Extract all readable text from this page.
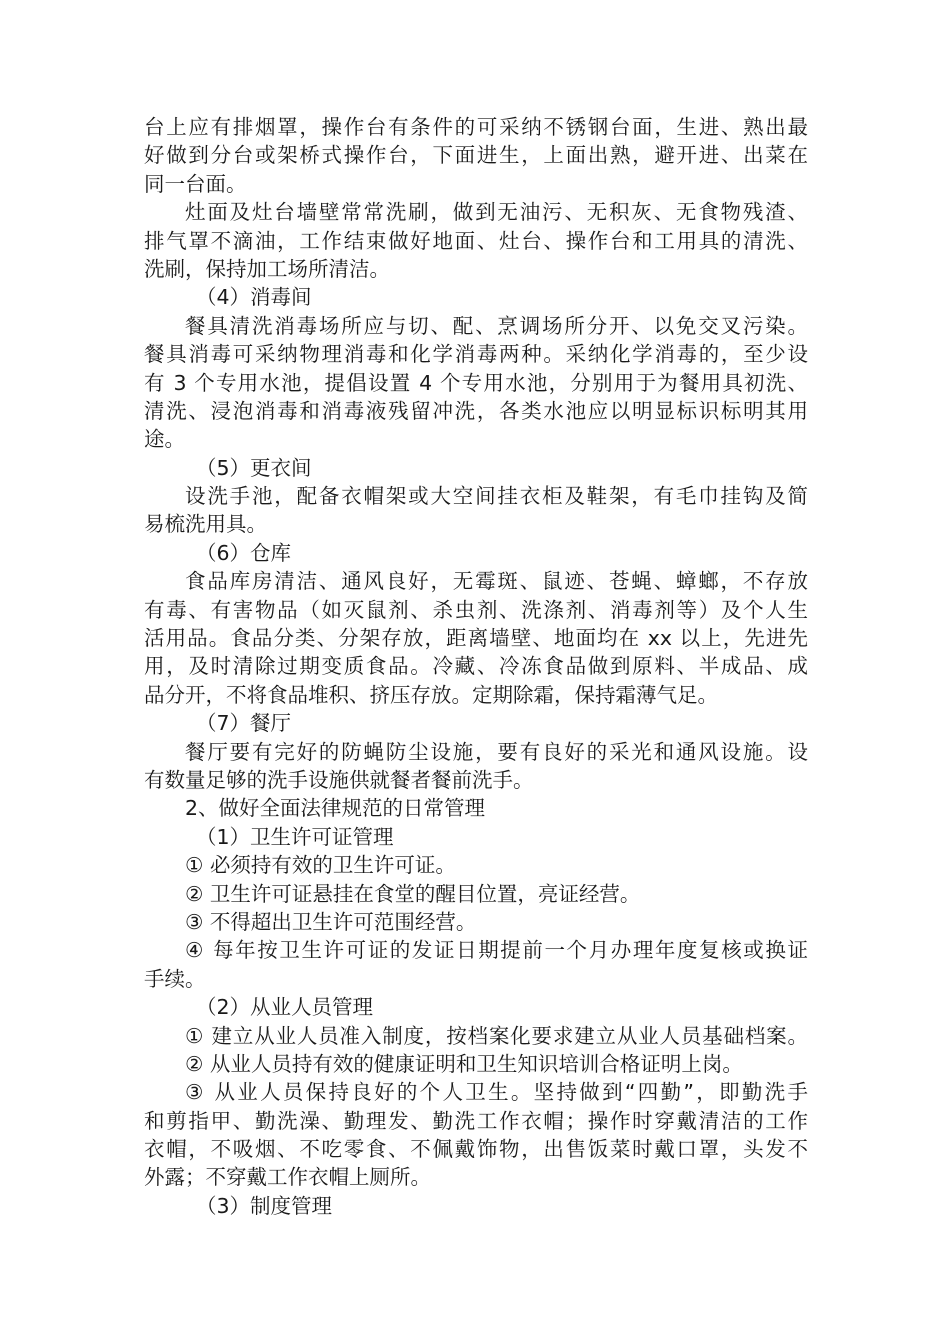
台上应有排烟罩，操作台有条件的可采纳不锈钢台面，生进、熟出最
好做到分台或架桥式操作台，下面进生，上面出熟，避开进、出菜在
同一台面。
灶面及灶台墙壁常常洗刷，做到无油污、无积灰、无食物残渣、
排气罩不滴油，工作结束做好地面、灶台、操作台和工用具的清洗、
洗刷，保持加工场所清洁。
（4）消毒间
餐具清洗消毒场所应与切、配、烹调场所分开、以免交叉污染。
餐具消毒可采纳物理消毒和化学消毒两种。采纳化学消毒的，至少设
有 3 个专用水池，提倡设置 4 个专用水池，分别用于为餐用具初洗、
清洗、浸泡消毒和消毒液残留冲洗，各类水池应以明显标识标明其用
途。
（5）更衣间
设洗手池，配备衣帽架或大空间挂衣柜及鞋架，有毛巾挂钩及简
易梳洗用具。
（6）仓库
食品库房清洁、通风良好，无霉斑、鼠迹、苍蝇、蟑螂，不存放
有毒、有害物品（如灭鼠剂、杀虫剂、洗涤剂、消毒剂等）及个人生
活用品。食品分类、分架存放，距离墙壁、地面均在 xx 以上，先进先
用，及时清除过期变质食品。冷藏、冷冻食品做到原料、半成品、成
品分开，不将食品堆积、挤压存放。定期除霜，保持霜薄气足。
（7）餐厅
餐厅要有完好的防蝇防尘设施，要有良好的采光和通风设施。设
有数量足够的洗手设施供就餐者餐前洗手。
2、做好全面法律规范的日常管理
（1）卫生许可证管理
① 必须持有效的卫生许可证。
② 卫生许可证悬挂在食堂的醒目位置，亮证经营。
③ 不得超出卫生许可范围经营。
④ 每年按卫生许可证的发证日期提前一个月办理年度复核或换证
手续。
（2）从业人员管理
① 建立从业人员准入制度，按档案化要求建立从业人员基础档案。
② 从业人员持有效的健康证明和卫生知识培训合格证明上岗。
③ 从业人员保持良好的个人卫生。坚持做到“四勤”，即勤洗手
和剪指甲、勤洗澡、勤理发、勤洗工作衣帽；操作时穿戴清洁的工作
衣帽，不吸烟、不吃零食、不佩戴饰物，出售饭菜时戴口罩，头发不
外露；不穿戴工作衣帽上厕所。
（3）制度管理
